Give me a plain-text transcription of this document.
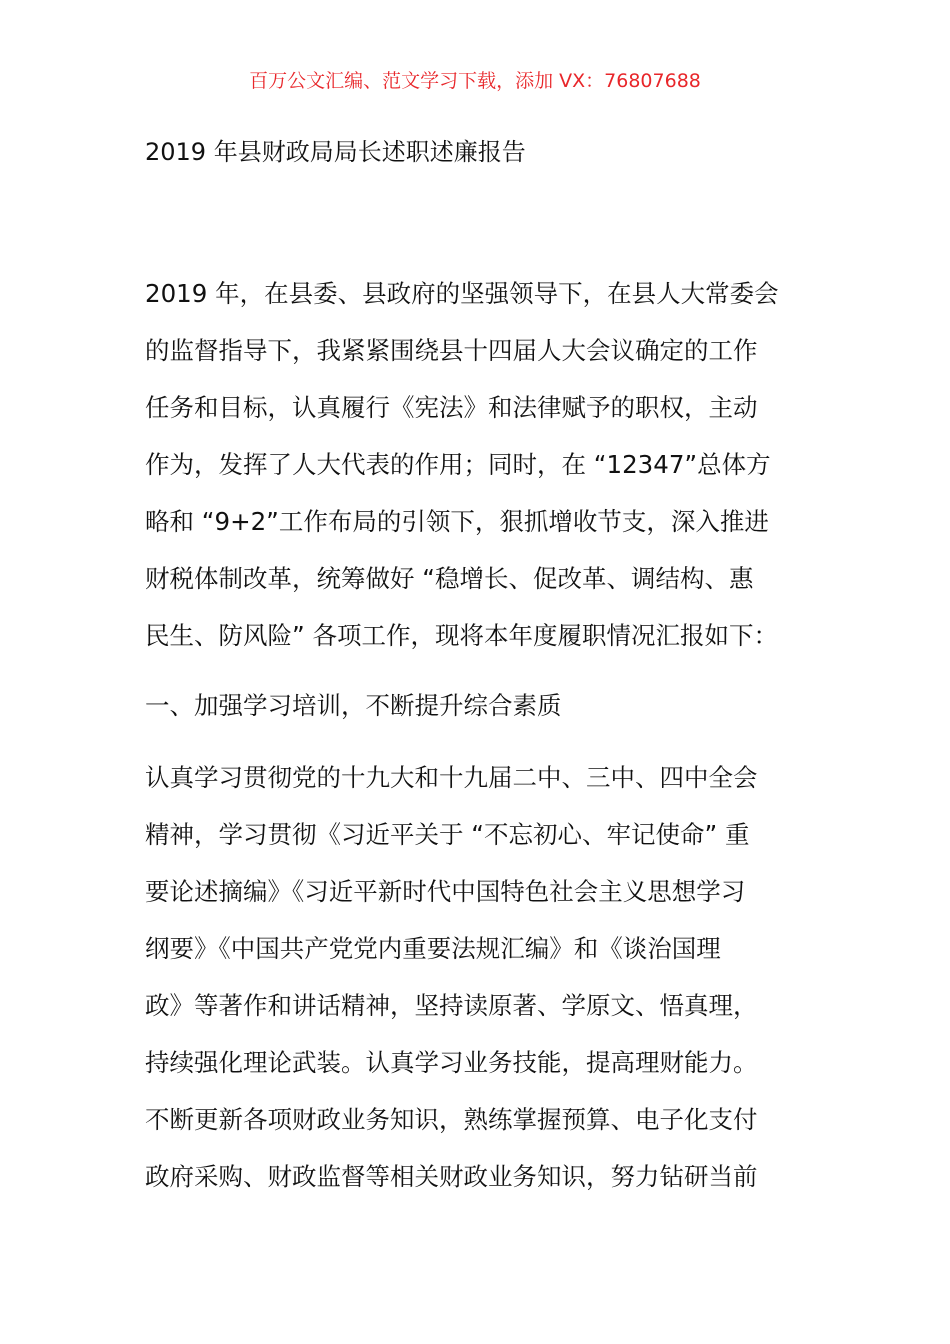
百万公文汇编、范文学习下载，添加 VX：76807688
2019 年县财政局局长述职述廉报告
2019 年，在县委、县政府的坚强领导下，在县人大常委会
的监督指导下，我紧紧围绕县十四届人大会议确定的工作
任务和目标，认真履行《宪法》和法律赋予的职权，主动
作为，发挥了人大代表的作用；同时，在 “12347”总体方
略和 “9+2”工作布局的引领下，狠抓增收节支，深入推进
财税体制改革，统筹做好 “稳增长、促改革、调结构、惠
民生、防风险” 各项工作，现将本年度履职情况汇报如下：
一、加强学习培训，不断提升综合素质
认真学习贯彻党的十九大和十九届二中、三中、四中全会
精神，学习贯彻《习近平关于 “不忘初心、牢记使命” 重
要论述摘编》《习近平新时代中国特色社会主义思想学习
纲要》《中国共产党党内重要法规汇编》和《谈治国理
政》等著作和讲话精神，坚持读原著、学原文、悟真理，
持续强化理论武装。认真学习业务技能，提高理财能力。
不断更新各项财政业务知识，熟练掌握预算、电子化支付
政府采购、财政监督等相关财政业务知识，努力钻研当前
